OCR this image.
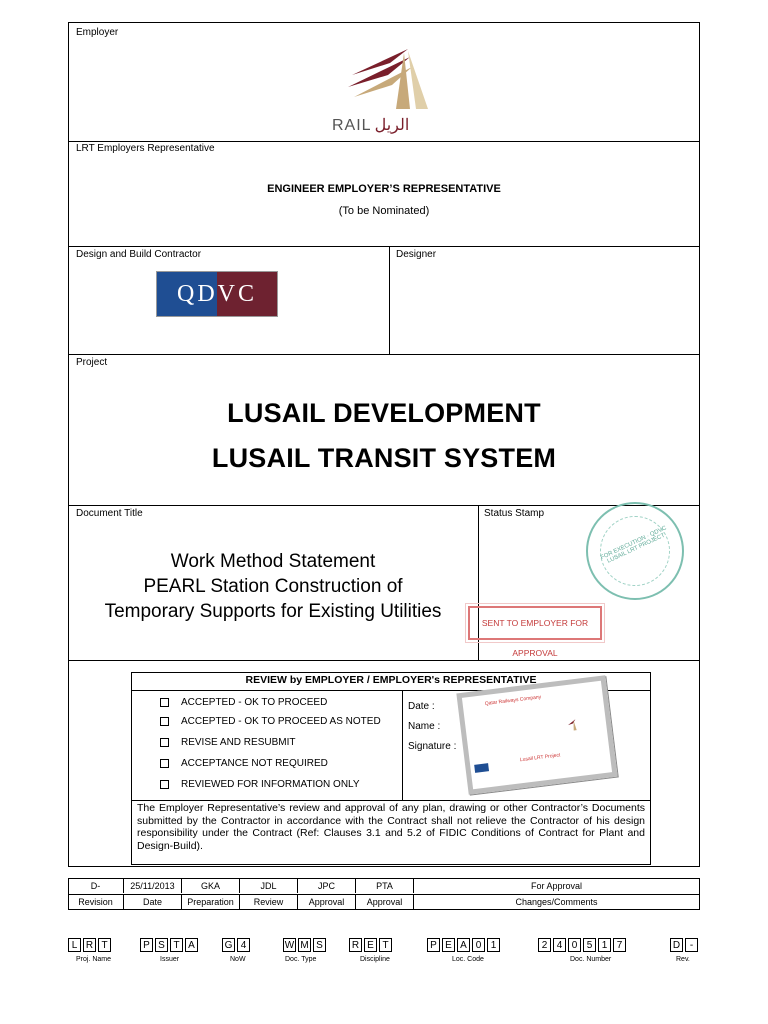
Employer
RAIL الريل
LRT Employers Representative
ENGINEER EMPLOYER’S REPRESENTATIVE
(To be Nominated)
Design and Build Contractor
QDVC
Designer
Project
LUSAIL DEVELOPMENT
LUSAIL TRANSIT SYSTEM
Document Title
Work Method Statement
PEARL Station Construction of
Temporary Supports for Existing Utilities
Status Stamp
FOR EXECUTION · QDVC LUSAIL LRT PROJECT
SENT TO EMPLOYER FOR APPROVAL
REVIEW by EMPLOYER / EMPLOYER's REPRESENTATIVE
ACCEPTED - OK TO PROCEED
ACCEPTED - OK TO PROCEED AS NOTED
REVISE AND RESUBMIT
ACCEPTANCE NOT REQUIRED
REVIEWED FOR INFORMATION ONLY
Date :
Name :
Signature :
Qatar Railways Company
Lusail LRT Project
The Employer Representative’s review and approval of any plan, drawing or other Contractor’s Documents submitted by the Contractor in accordance with the Contract shall not relieve the Contractor of his design responsibility under the Contract (Ref: Clauses 3.1 and 5.2 of FIDIC Conditions of Contract for Plant and Design-Build).
D-	25/11/2013	GKA	JDL	JPC	PTA	For Approval
Revision	Date	Preparation	Review	Approval	Approval	Changes/Comments
L R T
Proj. Name
P S T A
Issuer
G 4
NoW
W M S
Doc. Type
R E T
Discipline
P E A 0 1
Loc. Code
2 4 0 5 1 7
Doc. Number
D -
Rev.
